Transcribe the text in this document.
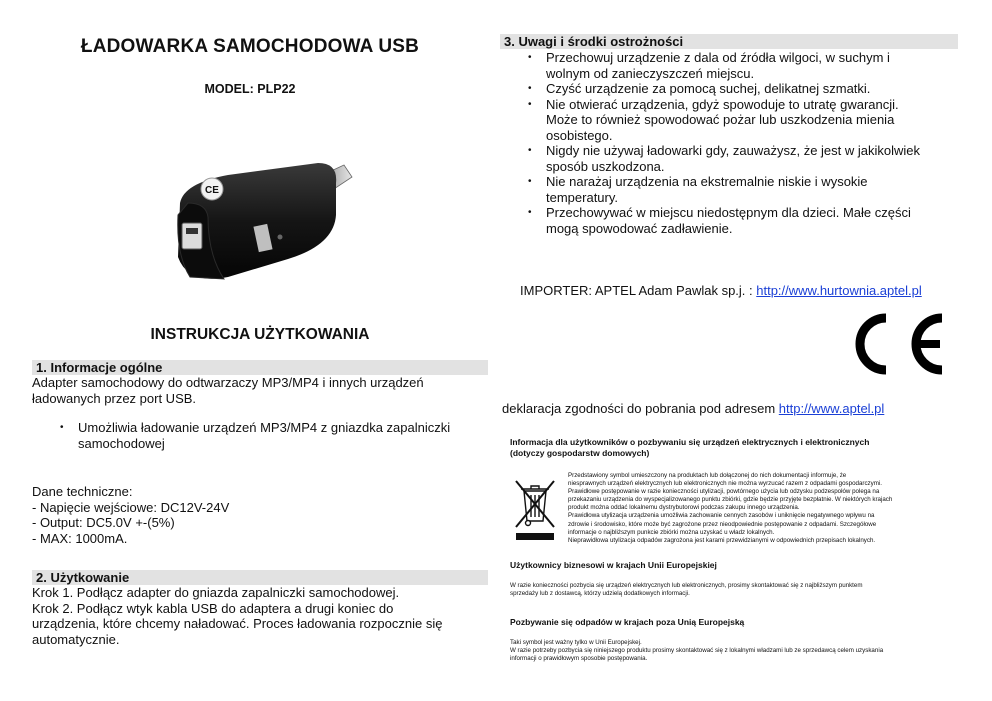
ŁADOWARKA SAMOCHODOWA USB
MODEL: PLP22
CE
INSTRUKCJA UŻYTKOWANIA
1. Informacje ogólne
Adapter samochodowy do odtwarzaczy MP3/MP4 i innych urządzeń
ładowanych przez port USB.
• Umożliwia ładowanie urządzeń MP3/MP4 z gniazdka zapalniczki
samochodowej
Dane techniczne:
- Napięcie wejściowe: DC12V-24V
- Output: DC5.0V +-(5%)
- MAX: 1000mA.
2. Użytkowanie
Krok 1. Podłącz adapter do gniazda zapalniczki samochodowej.
Krok 2. Podłącz wtyk kabla USB do adaptera a drugi koniec do
urządzenia, które chcemy naładować. Proces ładowania rozpocznie się
automatycznie.
3. Uwagi i środki ostrożności
• Przechowuj urządzenie z dala od źródła wilgoci, w suchym i
wolnym od zanieczyszczeń miejscu.
• Czyść urządzenie za pomocą suchej, delikatnej szmatki.
• Nie otwierać urządzenia, gdyż spowoduje to utratę gwarancji.
Może to również spowodować pożar lub uszkodzenia mienia
osobistego.
• Nigdy nie używaj ładowarki gdy, zauważysz, że jest w jakikolwiek
sposób uszkodzona.
• Nie narażaj urządzenia na ekstremalnie niskie i wysokie
temperatury.
• Przechowywać w miejscu niedostępnym dla dzieci. Małe części
mogą spowodować zadławienie.
IMPORTER: APTEL Adam Pawlak sp.j. : http://www.hurtownia.aptel.pl
deklaracja zgodności do pobrania pod adresem http://www.aptel.pl
Informacja dla użytkowników o pozbywaniu się urządzeń elektrycznych i elektronicznych
(dotyczy gospodarstw domowych)
Przedstawiony symbol umieszczony na produktach lub dołączonej do nich dokumentacji informuje, że
niesprawnych urządzeń elektrycznych lub elektronicznych nie można wyrzucać razem z odpadami gospodarczymi.
Prawidłowe postępowanie w razie konieczności utylizacji, powtórnego użycia lub odzysku podzespołów polega na
przekazaniu urządzenia do wyspecjalizowanego punktu zbiórki, gdzie będzie przyjęte bezpłatnie. W niektórych krajach
produkt można oddać lokalnemu dystrybutorowi podczas zakupu innego urządzenia.
Prawidłowa utylizacja urządzenia umożliwia zachowanie cennych zasobów i uniknięcie negatywnego wpływu na
zdrowie i środowisko, które może być zagrożone przez nieodpowiednie postępowanie z odpadami. Szczegółowe
informacje o najbliższym punkcie zbiórki można uzyskać u władz lokalnych.
Nieprawidłowa utylizacja odpadów zagrożona jest karami przewidzianymi w odpowiednich przepisach lokalnych.
Użytkownicy biznesowi w krajach Unii Europejskiej
W razie konieczności pozbycia się urządzeń elektrycznych lub elektronicznych, prosimy skontaktować się z najbliższym punktem
sprzedaży lub z dostawcą, którzy udzielą dodatkowych informacji.
Pozbywanie się odpadów w krajach poza Unią Europejską
Taki symbol jest ważny tylko w Unii Europejskej.
W razie potrzeby pozbycia się niniejszego produktu prosimy skontaktować się z lokalnymi władzami lub ze sprzedawcą celem uzyskania
informacji o prawidłowym sposobie postępowania.
